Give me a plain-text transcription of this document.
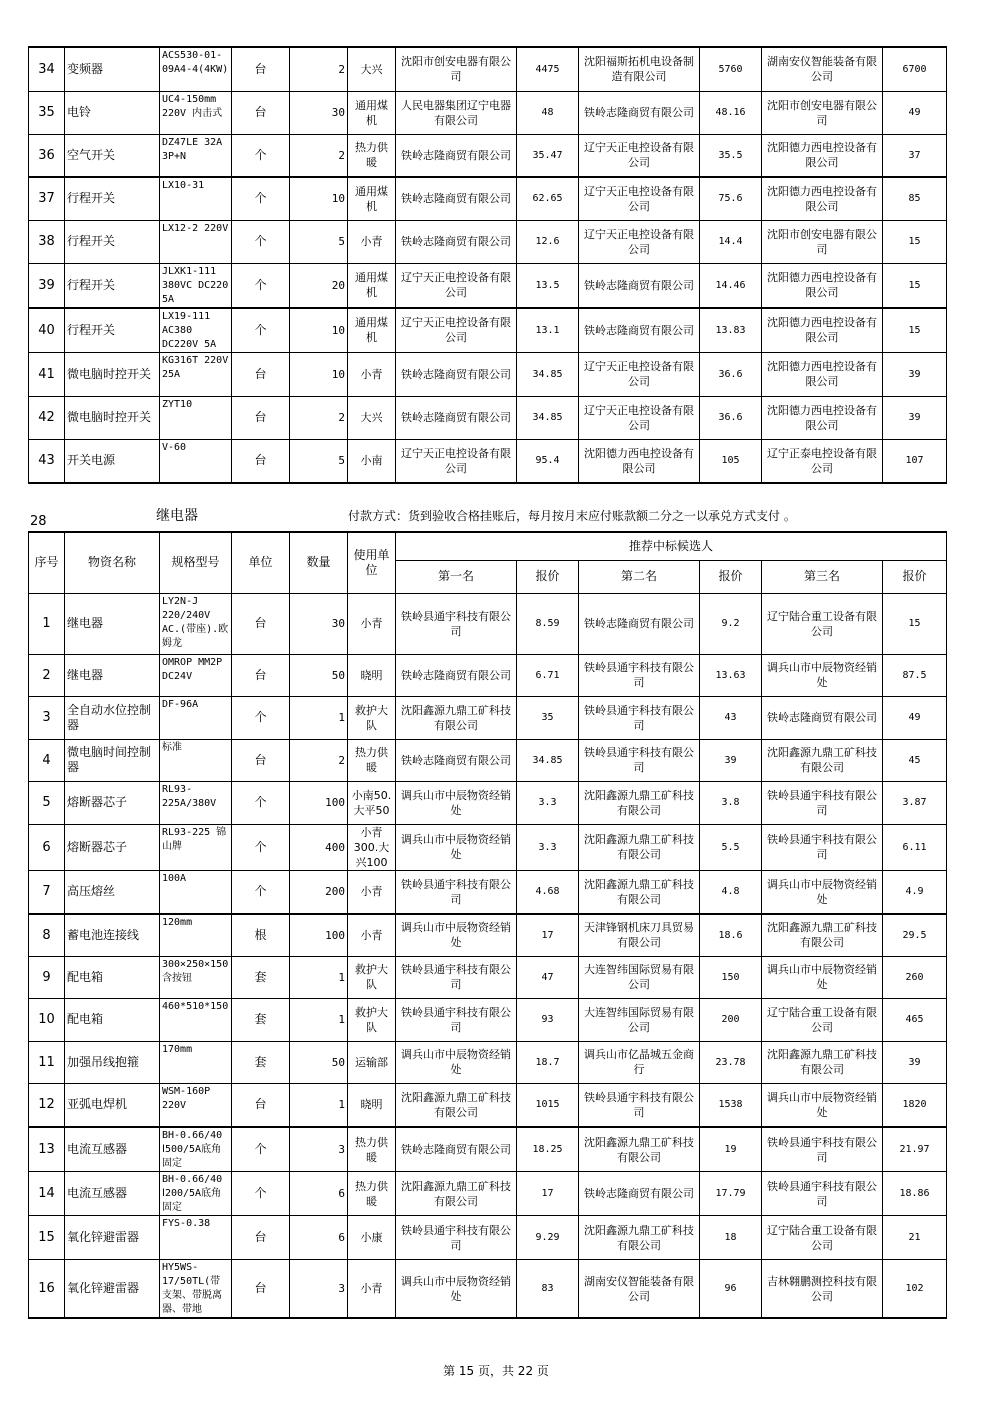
34	变频器	ACS530-01-09A4-4(4KW)	台	2	大兴	沈阳市创安电器有限公司	4475	沈阳福斯拓机电设备制造有限公司	5760	湖南安仪智能装备有限公司	6700
35	电铃	UC4-150mm 220V 内击式	台	30	通用煤机	人民电器集团辽宁电器有限公司	48	铁岭志隆商贸有限公司	48.16	沈阳市创安电器有限公司	49
36	空气开关	DZ47LE 32A 3P+N	个	2	热力供暖	铁岭志隆商贸有限公司	35.47	辽宁天正电控设备有限公司	35.5	沈阳德力西电控设备有限公司	37
37	行程开关	LX10-31	个	10	通用煤机	铁岭志隆商贸有限公司	62.65	辽宁天正电控设备有限公司	75.6	沈阳德力西电控设备有限公司	85
38	行程开关	LX12-2 220V	个	5	小青	铁岭志隆商贸有限公司	12.6	辽宁天正电控设备有限公司	14.4	沈阳市创安电器有限公司	15
39	行程开关	JLXK1-111 380VC DC220 5A	个	20	通用煤机	辽宁天正电控设备有限公司	13.5	铁岭志隆商贸有限公司	14.46	沈阳德力西电控设备有限公司	15
40	行程开关	LX19-111 AC380 DC220V 5A	个	10	通用煤机	辽宁天正电控设备有限公司	13.1	铁岭志隆商贸有限公司	13.83	沈阳德力西电控设备有限公司	15
41	微电脑时控开关	KG316T 220V 25A	台	10	小青	铁岭志隆商贸有限公司	34.85	辽宁天正电控设备有限公司	36.6	沈阳德力西电控设备有限公司	39
42	微电脑时控开关	ZYT10	台	2	大兴	铁岭志隆商贸有限公司	34.85	辽宁天正电控设备有限公司	36.6	沈阳德力西电控设备有限公司	39
43	开关电源	V-60	台	5	小南	辽宁天正电控设备有限公司	95.4	沈阳德力西电控设备有限公司	105	辽宁正泰电控设备有限公司	107
28	继电器	付款方式：货到验收合格挂账后，每月按月末应付账款额二分之一以承兑方式支付 。
序号	物资名称	规格型号	单位	数量	使用单位	推荐中标候选人					
						第一名	报价	第二名	报价	第三名	报价
1	继电器	LY2N-J 220/240V AC.(带座).欧姆龙	台	30	小青	铁岭县通宇科技有限公司	8.59	铁岭志隆商贸有限公司	9.2	辽宁陆合重工设备有限公司	15
2	继电器	OMROP MM2P DC24V	台	50	晓明	铁岭志隆商贸有限公司	6.71	铁岭县通宇科技有限公司	13.63	调兵山市中辰物资经销处	87.5
3	全自动水位控制器	DF-96A	个	1	救护大队	沈阳鑫源九鼎工矿科技有限公司	35	铁岭县通宇科技有限公司	43	铁岭志隆商贸有限公司	49
4	微电脑时间控制器	标准	台	2	热力供暖	铁岭志隆商贸有限公司	34.85	铁岭县通宇科技有限公司	39	沈阳鑫源九鼎工矿科技有限公司	45
5	熔断器芯子	RL93-225A/380V	个	100	小南50.大平50	调兵山市中辰物资经销处	3.3	沈阳鑫源九鼎工矿科技有限公司	3.8	铁岭县通宇科技有限公司	3.87
6	熔断器芯子	RL93-225 锦山牌	个	400	小青300.大兴100	调兵山市中辰物资经销处	3.3	沈阳鑫源九鼎工矿科技有限公司	5.5	铁岭县通宇科技有限公司	6.11
7	高压熔丝	100A	个	200	小青	铁岭县通宇科技有限公司	4.68	沈阳鑫源九鼎工矿科技有限公司	4.8	调兵山市中辰物资经销处	4.9
8	蓄电池连接线	120mm	根	100	小青	调兵山市中辰物资经销处	17	天津锋钢机床刀具贸易有限公司	18.6	沈阳鑫源九鼎工矿科技有限公司	29.5
9	配电箱	300×250×150 含按钮	套	1	救护大队	铁岭县通宇科技有限公司	47	大连智纬国际贸易有限公司	150	调兵山市中辰物资经销处	260
10	配电箱	460*510*150	套	1	救护大队	铁岭县通宇科技有限公司	93	大连智纬国际贸易有限公司	200	辽宁陆合重工设备有限公司	465
11	加强吊线抱箍	170mm	套	50	运输部	调兵山市中辰物资经销处	18.7	调兵山市亿晶城五金商行	23.78	沈阳鑫源九鼎工矿科技有限公司	39
12	亚弧电焊机	WSM-160P 220V	台	1	晓明	沈阳鑫源九鼎工矿科技有限公司	1015	铁岭县通宇科技有限公司	1538	调兵山市中辰物资经销处	1820
13	电流互感器	BH-0.66/40 Ⅰ500/5A底角固定	个	3	热力供暖	铁岭志隆商贸有限公司	18.25	沈阳鑫源九鼎工矿科技有限公司	19	铁岭县通宇科技有限公司	21.97
14	电流互感器	BH-0.66/40 Ⅰ200/5A底角固定	个	6	热力供暖	沈阳鑫源九鼎工矿科技有限公司	17	铁岭志隆商贸有限公司	17.79	铁岭县通宇科技有限公司	18.86
15	氧化锌避雷器	FYS-0.38	台	6	小康	铁岭县通宇科技有限公司	9.29	沈阳鑫源九鼎工矿科技有限公司	18	辽宁陆合重工设备有限公司	21
16	氧化锌避雷器	HY5WS-17/50TL(带支架、带脱离器、带地	台	3	小青	调兵山市中辰物资经销处	83	湖南安仪智能装备有限公司	96	吉林翱鹏测控科技有限公司	102
第 15 页，共 22 页
